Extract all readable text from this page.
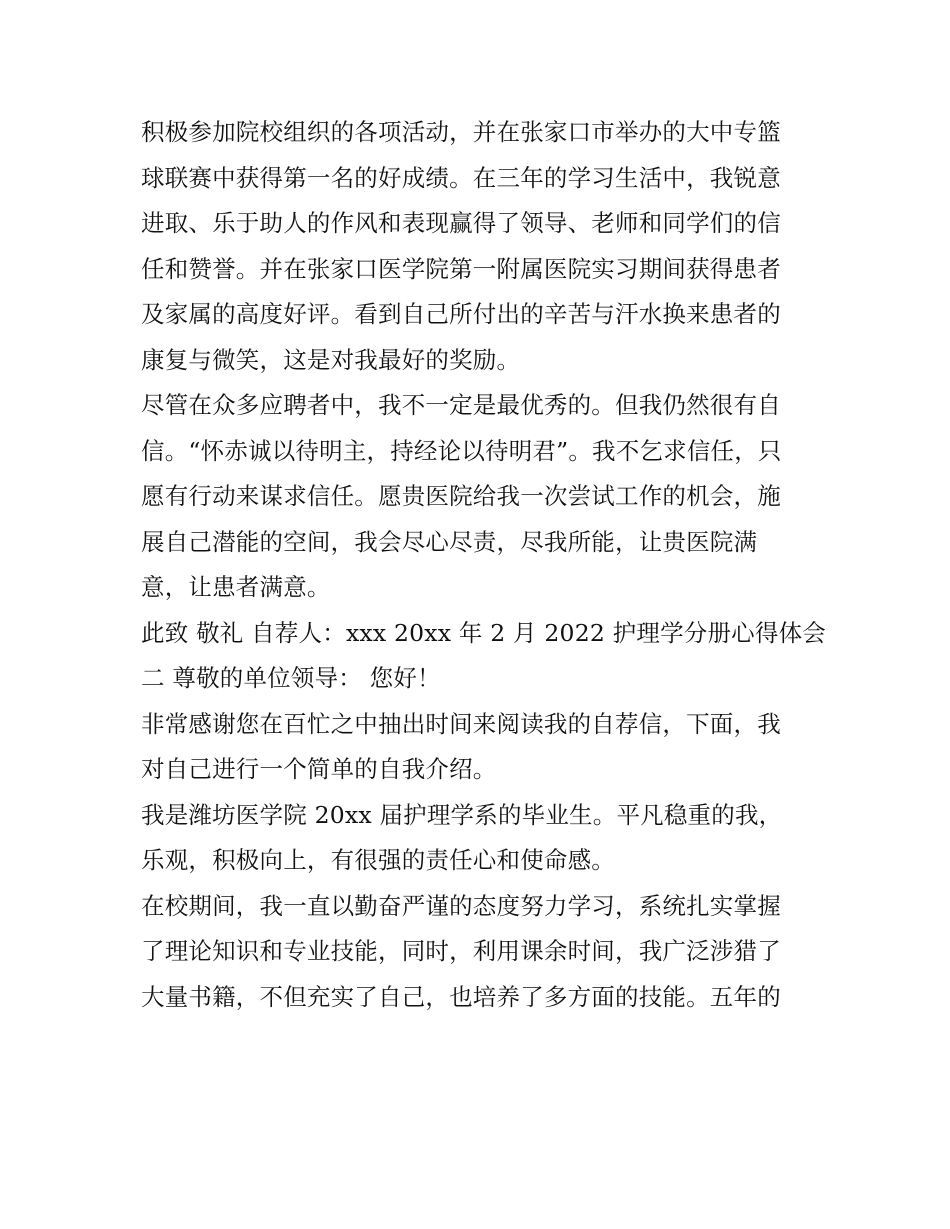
积极参加院校组织的各项活动，并在张家口市举办的大中专篮
球联赛中获得第一名的好成绩。在三年的学习生活中，我锐意
进取、乐于助人的作风和表现赢得了领导、老师和同学们的信
任和赞誉。并在张家口医学院第一附属医院实习期间获得患者
及家属的高度好评。看到自己所付出的辛苦与汗水换来患者的
康复与微笑，这是对我最好的奖励。
尽管在众多应聘者中，我不一定是最优秀的。但我仍然很有自
信。“怀赤诚以待明主，持经论以待明君”。我不乞求信任，只
愿有行动来谋求信任。愿贵医院给我一次尝试工作的机会，施
展自己潜能的空间，我会尽心尽责，尽我所能，让贵医院满
意，让患者满意。
此致 敬礼 自荐人：xxx 20xx 年 2 月 2022 护理学分册心得体会
二 尊敬的单位领导： 您好！
非常感谢您在百忙之中抽出时间来阅读我的自荐信，下面，我
对自己进行一个简单的自我介绍。
我是潍坊医学院 20xx 届护理学系的毕业生。平凡稳重的我，
乐观，积极向上，有很强的责任心和使命感。
在校期间，我一直以勤奋严谨的态度努力学习，系统扎实掌握
了理论知识和专业技能，同时，利用课余时间，我广泛涉猎了
大量书籍，不但充实了自己，也培养了多方面的技能。五年的
